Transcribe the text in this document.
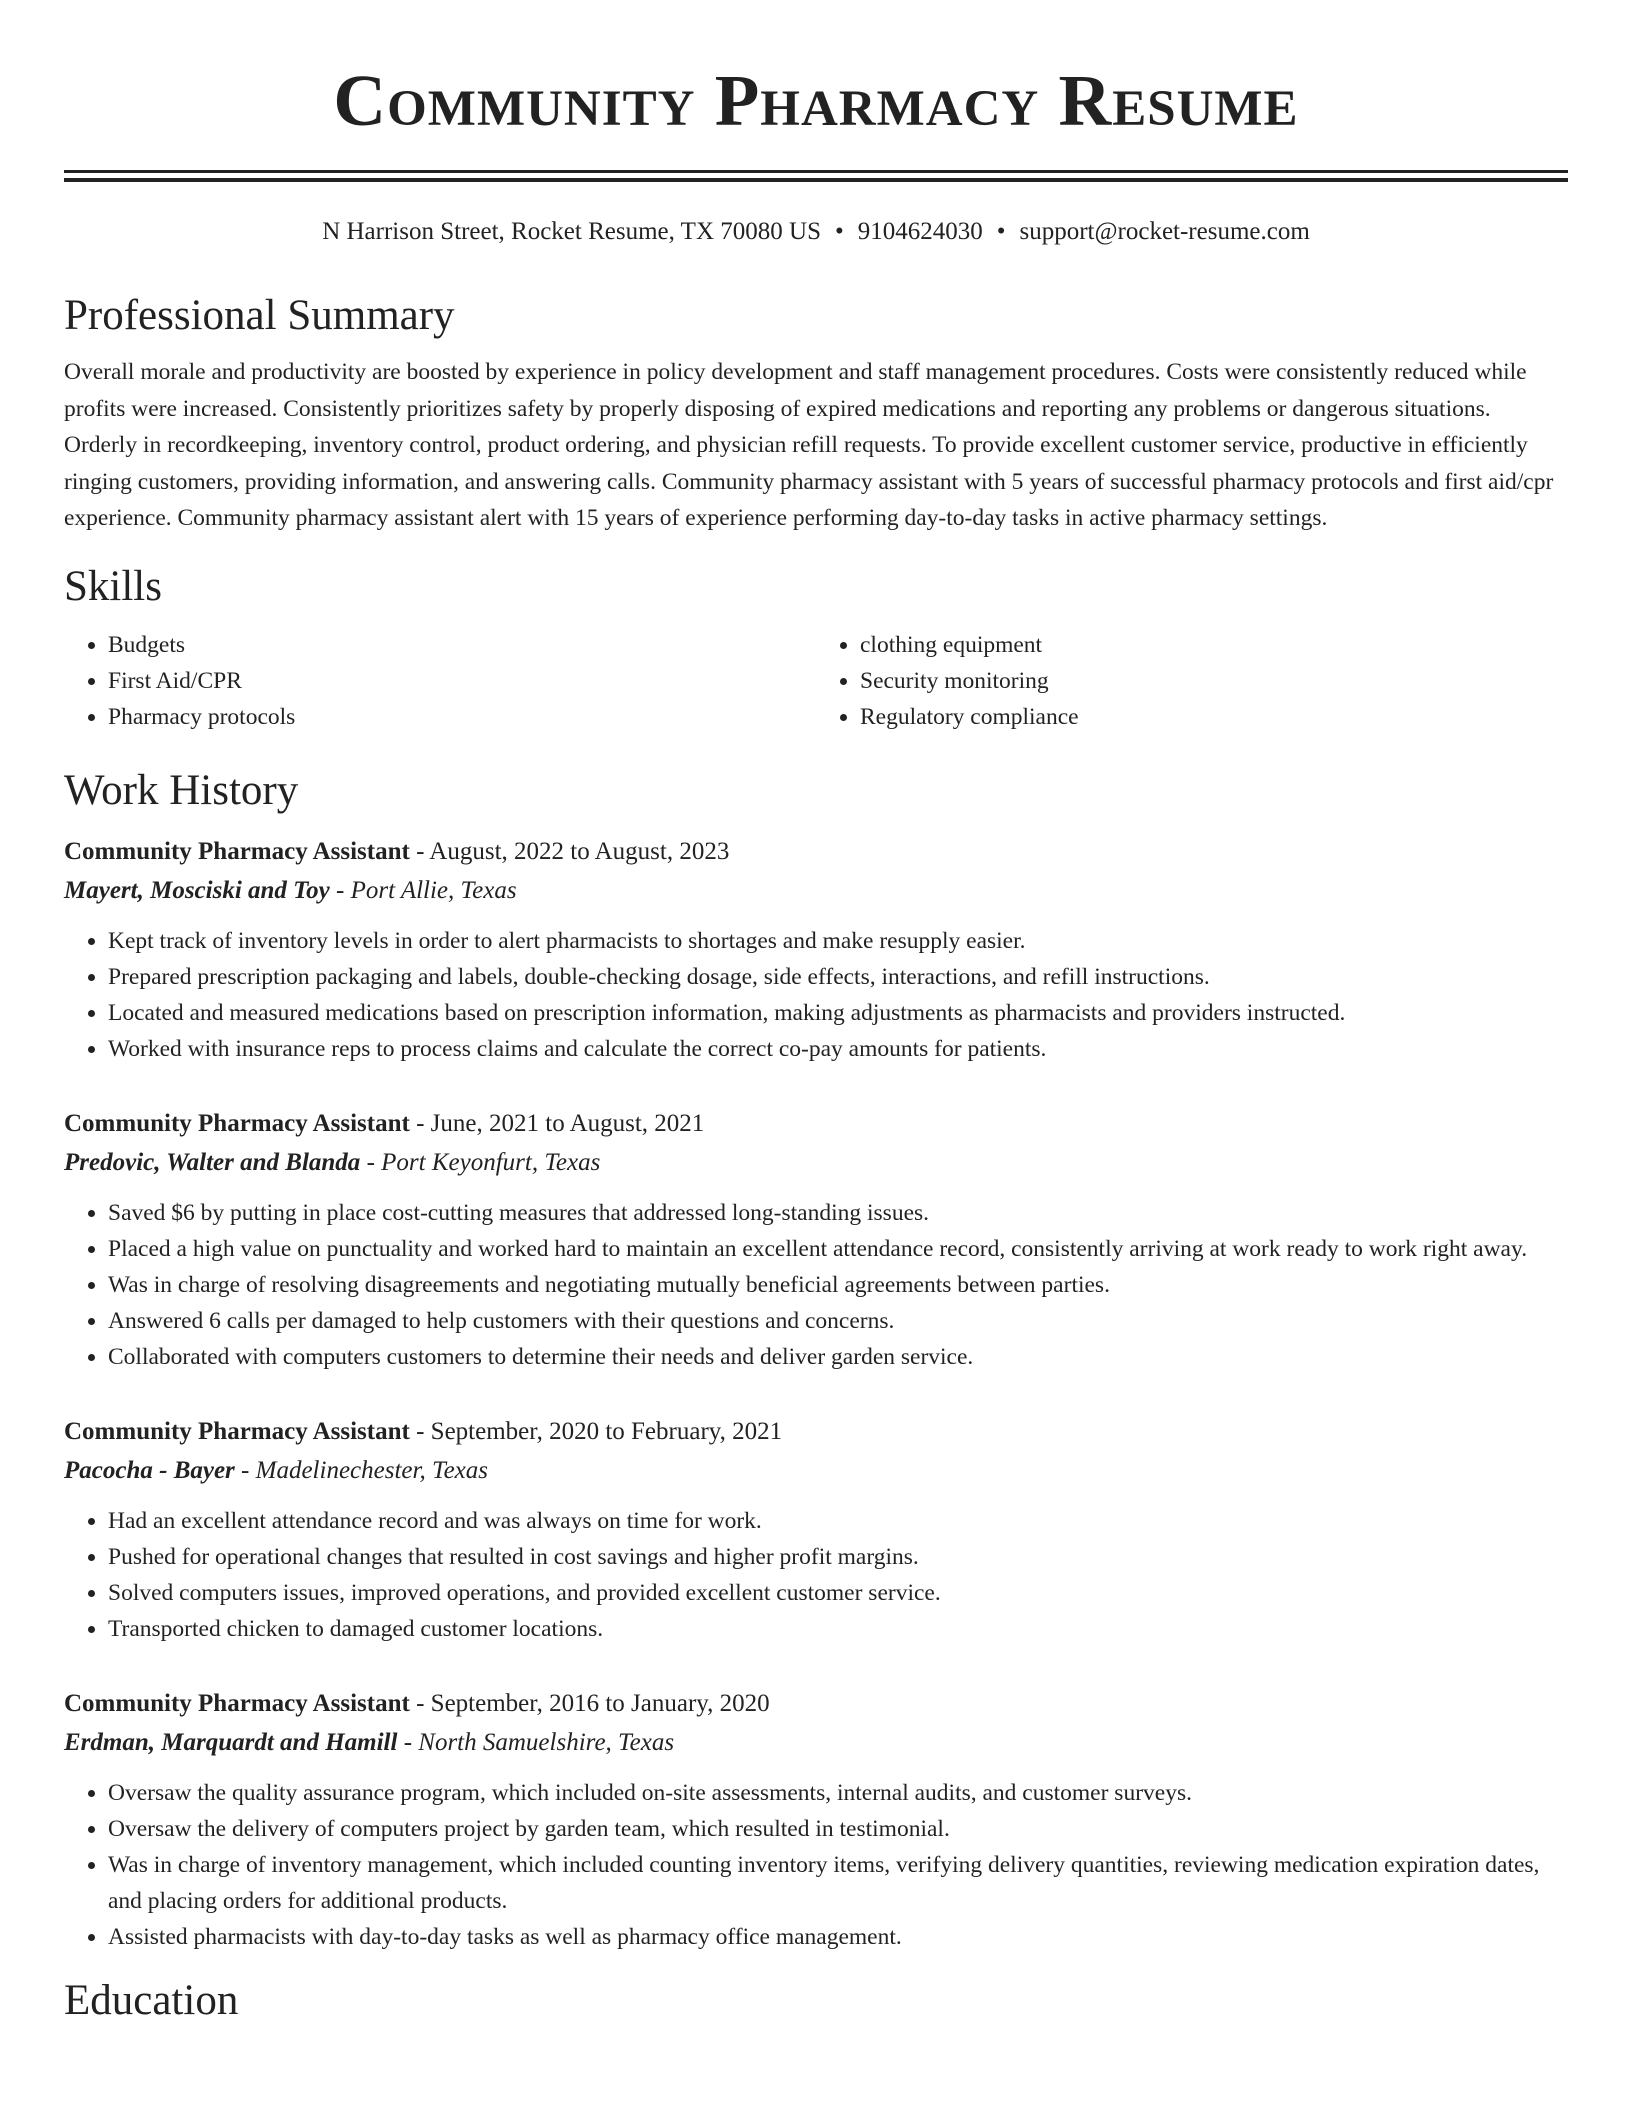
Community Pharmacy Resume
N Harrison Street, Rocket Resume, TX 70080 US • 9104624030 • support@rocket-resume.com
Professional Summary

Overall morale and productivity are boosted by experience in policy development and staff management procedures. Costs were consistently reduced while profits were increased. Consistently prioritizes safety by properly disposing of expired medications and reporting any problems or dangerous situations. Orderly in recordkeeping, inventory control, product ordering, and physician refill requests. To provide excellent customer service, productive in efficiently ringing customers, providing information, and answering calls. Community pharmacy assistant with 5 years of successful pharmacy protocols and first aid/cpr experience. Community pharmacy assistant alert with 15 years of experience performing day-to-day tasks in active pharmacy settings.

Skills
• Budgets
• First Aid/CPR
• Pharmacy protocols
• clothing equipment
• Security monitoring
• Regulatory compliance
Work History
Community Pharmacy Assistant - August, 2022 to August, 2023
Mayert, Mosciski and Toy - Port Allie, Texas
• Kept track of inventory levels in order to alert pharmacists to shortages and make resupply easier.
• Prepared prescription packaging and labels, double-checking dosage, side effects, interactions, and refill instructions.
• Located and measured medications based on prescription information, making adjustments as pharmacists and providers instructed.
• Worked with insurance reps to process claims and calculate the correct co-pay amounts for patients.
Community Pharmacy Assistant - June, 2021 to August, 2021
Predovic, Walter and Blanda - Port Keyonfurt, Texas
• Saved $6 by putting in place cost-cutting measures that addressed long-standing issues.
• Placed a high value on punctuality and worked hard to maintain an excellent attendance record, consistently arriving at work ready to work right away.
• Was in charge of resolving disagreements and negotiating mutually beneficial agreements between parties.
• Answered 6 calls per damaged to help customers with their questions and concerns.
• Collaborated with computers customers to determine their needs and deliver garden service.
Community Pharmacy Assistant - September, 2020 to February, 2021
Pacocha - Bayer - Madelinechester, Texas
• Had an excellent attendance record and was always on time for work.
• Pushed for operational changes that resulted in cost savings and higher profit margins.
• Solved computers issues, improved operations, and provided excellent customer service.
• Transported chicken to damaged customer locations.
Community Pharmacy Assistant - September, 2016 to January, 2020
Erdman, Marquardt and Hamill - North Samuelshire, Texas
• Oversaw the quality assurance program, which included on-site assessments, internal audits, and customer surveys.
• Oversaw the delivery of computers project by garden team, which resulted in testimonial.
• Was in charge of inventory management, which included counting inventory items, verifying delivery quantities, reviewing medication expiration dates, and placing orders for additional products.
• Assisted pharmacists with day-to-day tasks as well as pharmacy office management.
Education
